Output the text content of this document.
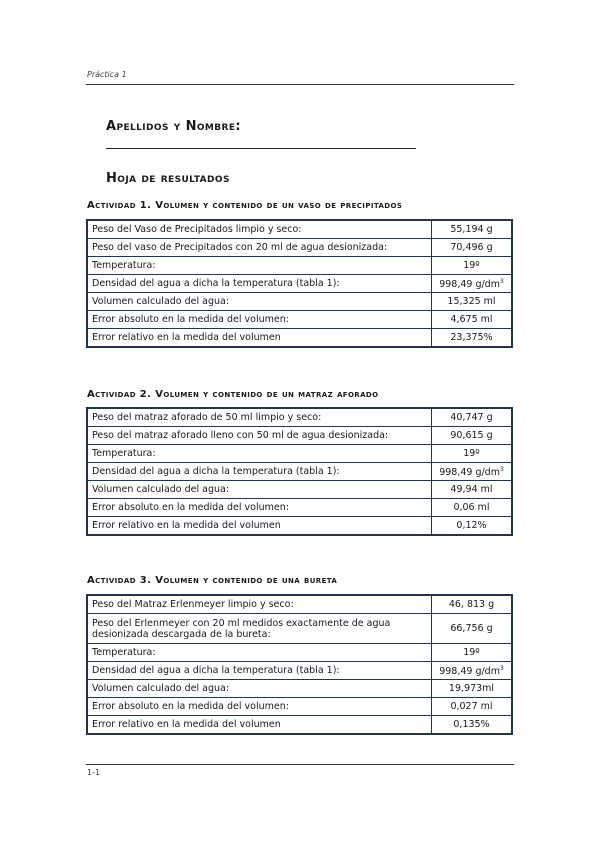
Práctica 1
Apellidos y Nombre:
Hoja de resultados
Actividad 1. Volumen y contenido de un vaso de precipitados
Peso del Vaso de Precipitados limpio y seco:	55,194 g
Peso del vaso de Precipitados con 20 ml de agua desionizada:	70,496 g
Temperatura:	19º
Densidad del agua a dicha la temperatura (tabla 1):	998,49 $g/dm^3$
Volumen calculado del agua:	15,325 ml
Error absoluto en la medida del volumen:	4,675 ml
Error relativo en la medida del volumen	23,375%
Actividad 2. Volumen y contenido de un matraz aforado
Peso del matraz aforado de 50 ml limpio y seco:	40,747 g
Peso del matraz aforado lleno con 50 ml de agua desionizada:	90,615 g
Temperatura:	19º
Densidad del agua a dicha la temperatura (tabla 1):	998,49 $g/dm^3$
Volumen calculado del agua:	49,94 ml
Error absoluto en la medida del volumen:	0,06 ml
Error relativo en la medida del volumen	0,12%
Actividad 3. Volumen y contenido de una bureta
Peso del Matraz Erlenmeyer limpio y seco:	46, 813 g
Peso del Erlenmeyer con 20 ml medidos exactamente de agua desionizada descargada de la bureta:	66,756 g
Temperatura:	19º
Densidad del agua a dicha la temperatura (tabla 1):	998,49 $g/dm^3$
Volumen calculado del agua:	19,973ml
Error absoluto en la medida del volumen:	0,027 ml
Error relativo en la medida del volumen	0,135%
1-1
